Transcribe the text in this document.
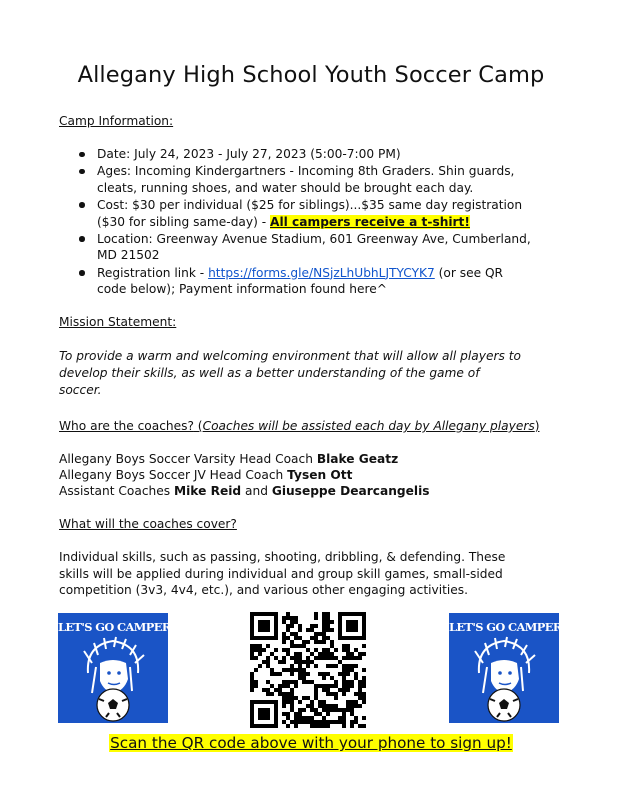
Allegany High School Youth Soccer Camp
Camp Information:
Date: July 24, 2023 - July 27, 2023 (5:00-7:00 PM)
Ages: Incoming Kindergartners - Incoming 8th Graders. Shin guards,
cleats, running shoes, and water should be brought each day.
Cost: $30 per individual ($25 for siblings)...$35 same day registration
($30 for sibling same-day) - All campers receive a t-shirt!
Location: Greenway Avenue Stadium, 601 Greenway Ave, Cumberland,
MD 21502
Registration link - https://forms.gle/NSjzLhUbhLJTYCYK7 (or see QR
code below); Payment information found here^
Mission Statement:
To provide a warm and welcoming environment that will allow all players to
develop their skills, as well as a better understanding of the game of
soccer.
Who are the coaches? (Coaches will be assisted each day by Allegany players)
Allegany Boys Soccer Varsity Head Coach Blake Geatz
Allegany Boys Soccer JV Head Coach Tysen Ott
Assistant Coaches Mike Reid and Giuseppe Dearcangelis
What will the coaches cover?
Individual skills, such as passing, shooting, dribbling, & defending. These
skills will be applied during individual and group skill games, small-sided
competition (3v3, 4v4, etc.), and various other engaging activities.
LET'S GO CAMPERS!	LET'S GO CAMPERS!
Scan the QR code above with your phone to sign up!
